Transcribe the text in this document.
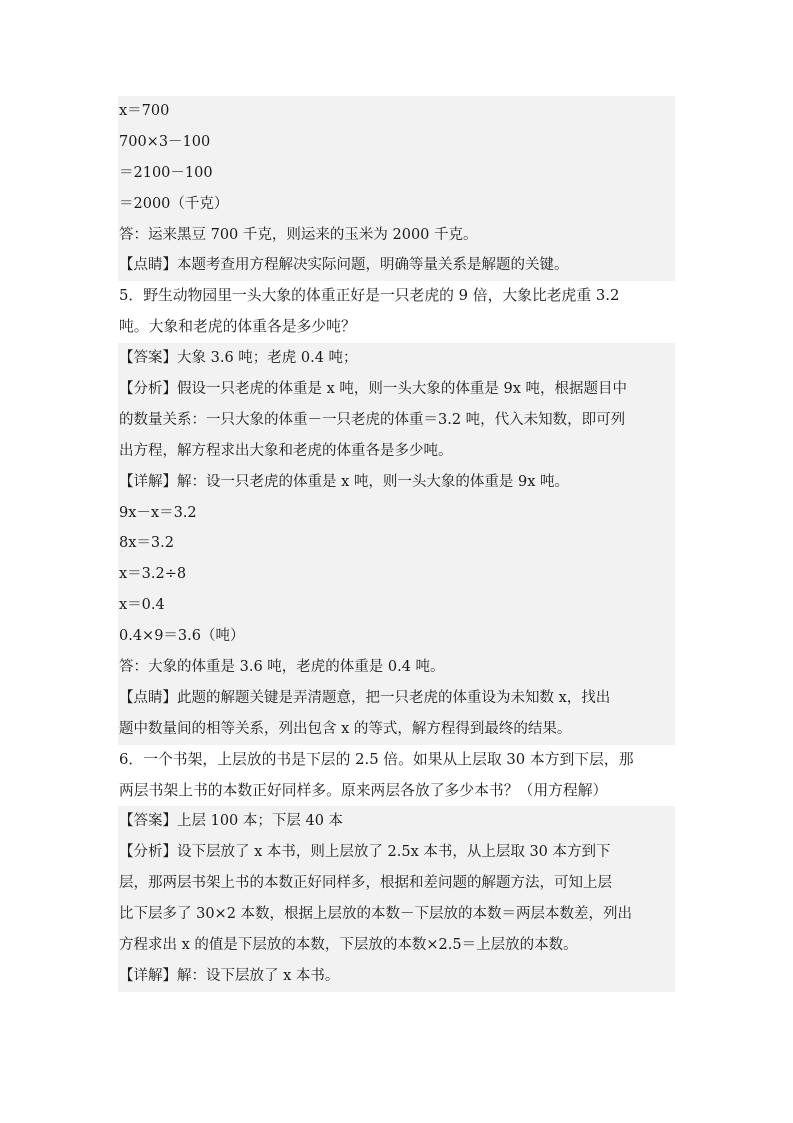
x＝700
700×3－100
＝2100－100
＝2000（千克）
答：运来黑豆 700 千克，则运来的玉米为 2000 千克。
【点睛】本题考查用方程解决实际问题，明确等量关系是解题的关键。
5．野生动物园里一头大象的体重正好是一只老虎的 9 倍，大象比老虎重 3.2
吨。大象和老虎的体重各是多少吨？
【答案】大象 3.6 吨；老虎 0.4 吨；
【分析】假设一只老虎的体重是 x 吨，则一头大象的体重是 9x 吨，根据题目中
的数量关系：一只大象的体重－一只老虎的体重＝3.2 吨，代入未知数，即可列
出方程，解方程求出大象和老虎的体重各是多少吨。
【详解】解：设一只老虎的体重是 x 吨，则一头大象的体重是 9x 吨。
9x－x＝3.2
8x＝3.2
x＝3.2÷8
x＝0.4
0.4×9＝3.6（吨）
答：大象的体重是 3.6 吨，老虎的体重是 0.4 吨。
【点睛】此题的解题关键是弄清题意，把一只老虎的体重设为未知数 x，找出
题中数量间的相等关系，列出包含 x 的等式，解方程得到最终的结果。
6．一个书架，上层放的书是下层的 2.5 倍。如果从上层取 30 本方到下层，那
两层书架上书的本数正好同样多。原来两层各放了多少本书？（用方程解）
【答案】上层 100 本；下层 40 本
【分析】设下层放了 x 本书，则上层放了 2.5x 本书，从上层取 30 本方到下
层，那两层书架上书的本数正好同样多，根据和差问题的解题方法，可知上层
比下层多了 30×2 本数，根据上层放的本数－下层放的本数＝两层本数差，列出
方程求出 x 的值是下层放的本数，下层放的本数×2.5＝上层放的本数。
【详解】解：设下层放了 x 本书。
